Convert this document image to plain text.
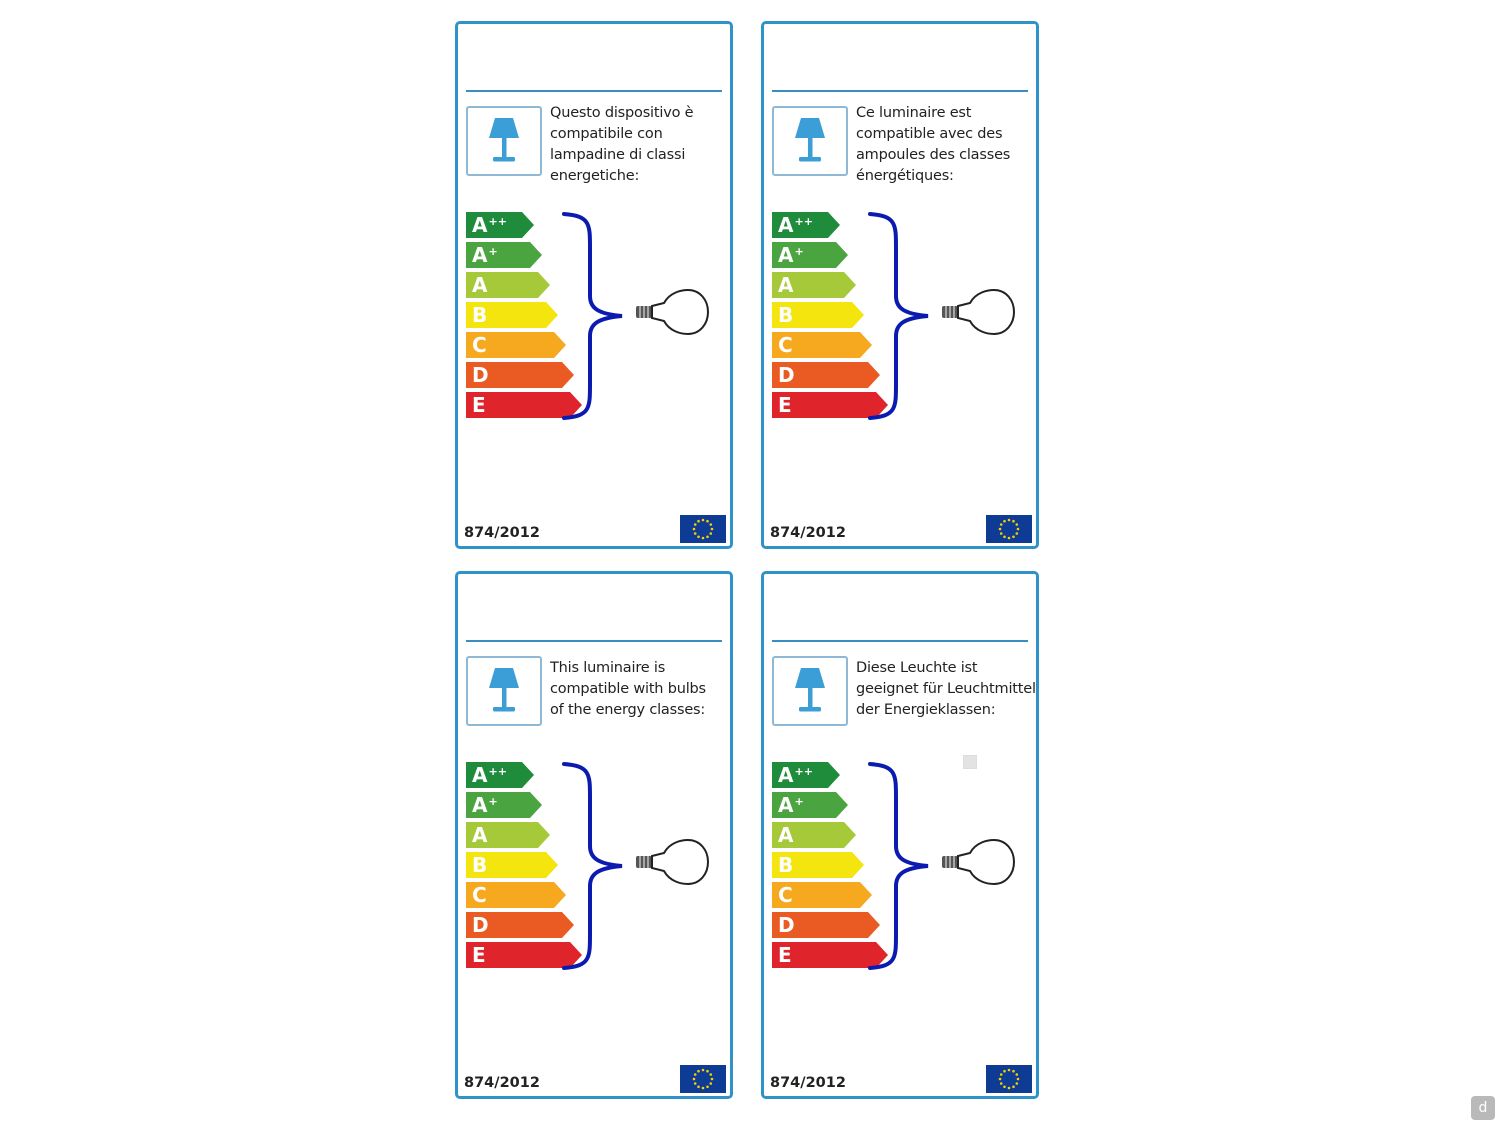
Questo dispositivo è
compatibile con
lampadine di classi
energetiche:
A++
A+
A
B
C
D
E
874/2012
Ce luminaire est
compatible avec des
ampoules des classes
énergétiques:
A++
A+
A
B
C
D
E
874/2012
This luminaire is
compatible with bulbs
of the energy classes:
A++
A+
A
B
C
D
E
874/2012
Diese Leuchte ist
geeignet für Leuchtmittel
der Energieklassen:
A++
A+
A
B
C
D
E
874/2012
d
